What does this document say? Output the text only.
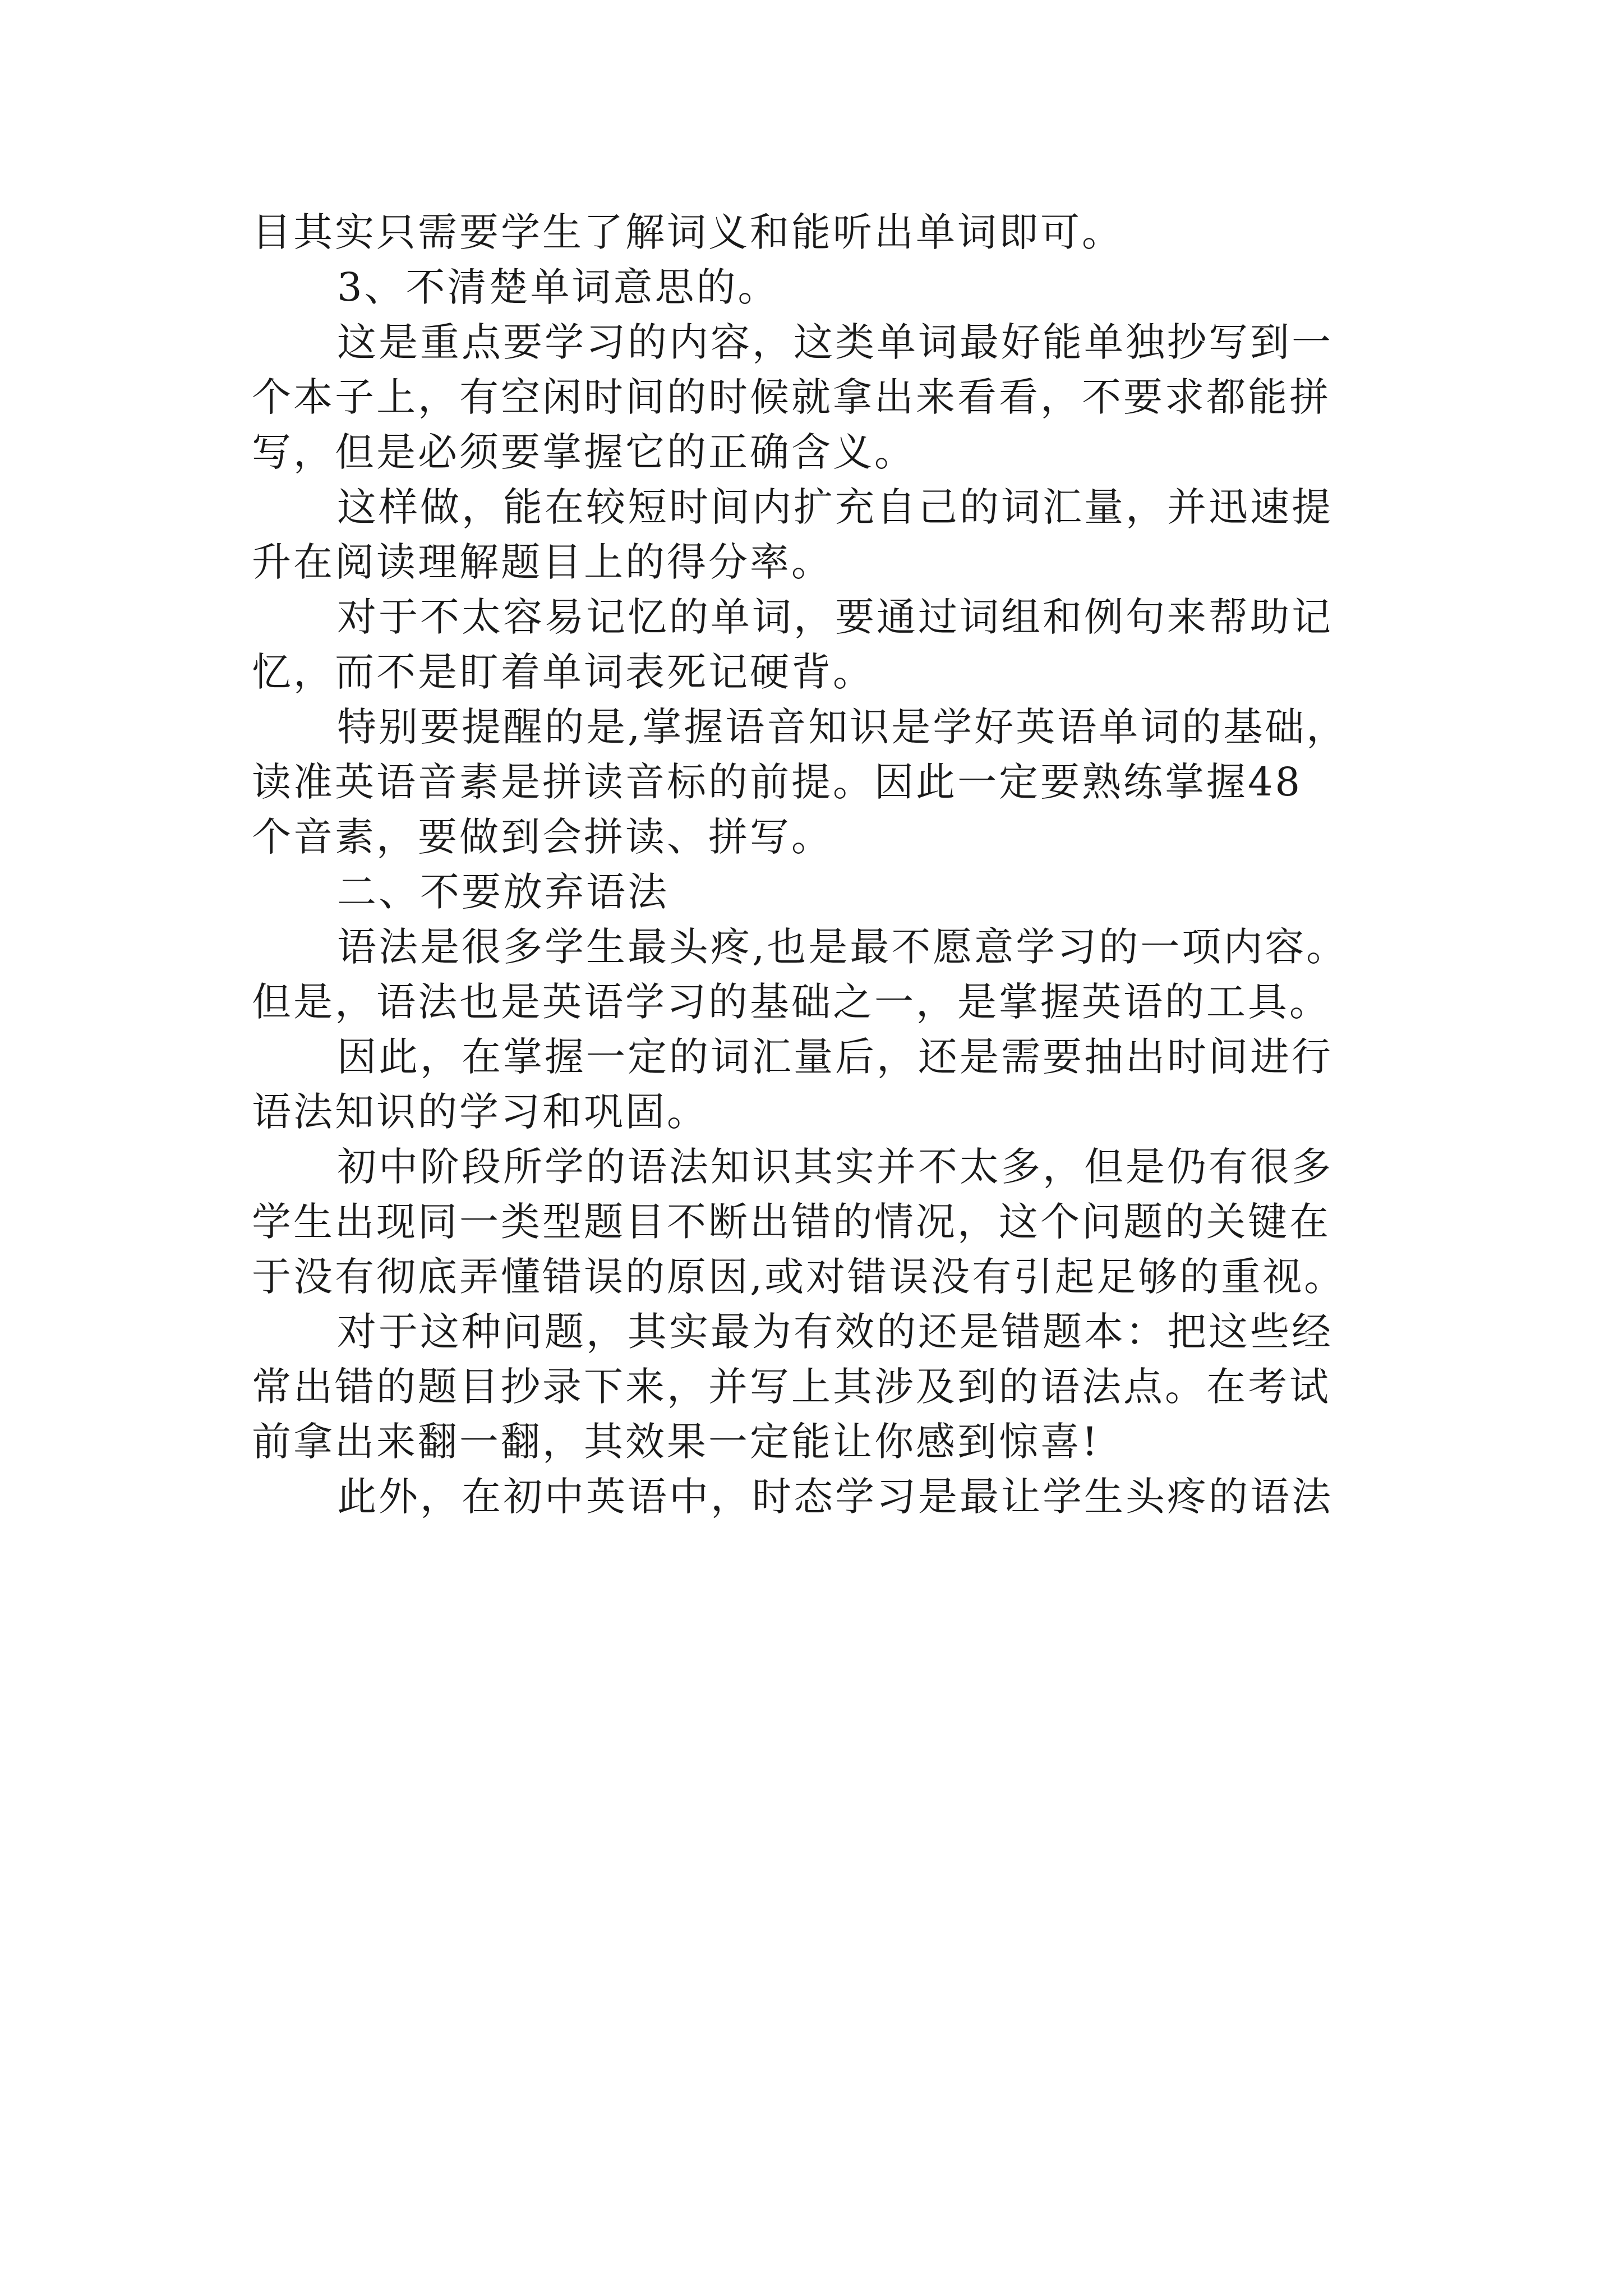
目其实只需要学生了解词义和能听出单词即可。
3、不清楚单词意思的。
这是重点要学习的内容，这类单词最好能单独抄写到一
个本子上，有空闲时间的时候就拿出来看看，不要求都能拼
写，但是必须要掌握它的正确含义。
这样做，能在较短时间内扩充自己的词汇量，并迅速提
升在阅读理解题目上的得分率。
对于不太容易记忆的单词，要通过词组和例句来帮助记
忆，而不是盯着单词表死记硬背。
特别要提醒的是,掌握语音知识是学好英语单词的基础，
读准英语音素是拼读音标的前提。因此一定要熟练掌握48
个音素，要做到会拼读、拼写。
二、不要放弃语法
语法是很多学生最头疼,也是最不愿意学习的一项内容。
但是，语法也是英语学习的基础之一，是掌握英语的工具。
因此，在掌握一定的词汇量后，还是需要抽出时间进行
语法知识的学习和巩固。
初中阶段所学的语法知识其实并不太多，但是仍有很多
学生出现同一类型题目不断出错的情况，这个问题的关键在
于没有彻底弄懂错误的原因,或对错误没有引起足够的重视。
对于这种问题，其实最为有效的还是错题本：把这些经
常出错的题目抄录下来，并写上其涉及到的语法点。在考试
前拿出来翻一翻，其效果一定能让你感到惊喜!
此外，在初中英语中，时态学习是最让学生头疼的语法
